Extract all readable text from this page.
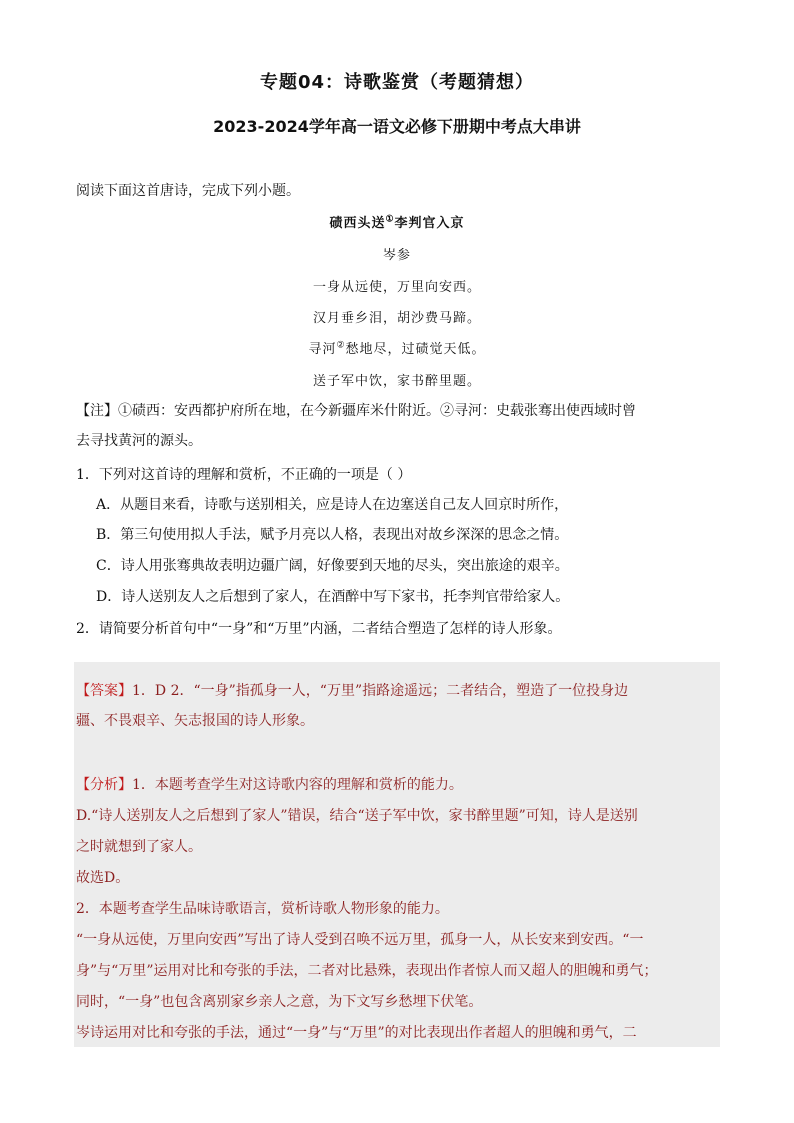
专题04：诗歌鉴赏（考题猜想）
2023-2024学年高一语文必修下册期中考点大串讲
阅读下面这首唐诗，完成下列小题。
碛西头送①李判官入京
岑参
一身从远使，万里向安西。
汉月垂乡泪，胡沙费马蹄。
寻河②愁地尽，过碛觉天低。
送子军中饮，家书醉里题。
【注】①碛西：安西都护府所在地，在今新疆库米什附近。②寻河：史载张骞出使西域时曾
去寻找黄河的源头。
1．下列对这首诗的理解和赏析，不正确的一项是（ ）
A．从题目来看，诗歌与送别相关，应是诗人在边塞送自己友人回京时所作，
B．第三句使用拟人手法，赋予月亮以人格，表现出对故乡深深的思念之情。
C．诗人用张骞典故表明边疆广阔，好像要到天地的尽头，突出旅途的艰辛。
D．诗人送别友人之后想到了家人，在酒醉中写下家书，托李判官带给家人。
2．请简要分析首句中“一身”和“万里”内涵，二者结合塑造了怎样的诗人形象。
【答案】1．D 2．“一身”指孤身一人，“万里”指路途遥远；二者结合，塑造了一位投身边
疆、不畏艰辛、矢志报国的诗人形象。
【分析】1．本题考查学生对这诗歌内容的理解和赏析的能力。
D.“诗人送别友人之后想到了家人”错误，结合“送子军中饮，家书醉里题”可知，诗人是送别
之时就想到了家人。
故选D。
2．本题考查学生品味诗歌语言，赏析诗歌人物形象的能力。
“一身从远使，万里向安西”写出了诗人受到召唤不远万里，孤身一人，从长安来到安西。“一
身”与“万里”运用对比和夸张的手法，二者对比悬殊，表现出作者惊人而又超人的胆魄和勇气；
同时，“一身”也包含离别家乡亲人之意，为下文写乡愁埋下伏笔。
岑诗运用对比和夸张的手法，通过“一身”与“万里”的对比表现出作者超人的胆魄和勇气，二
